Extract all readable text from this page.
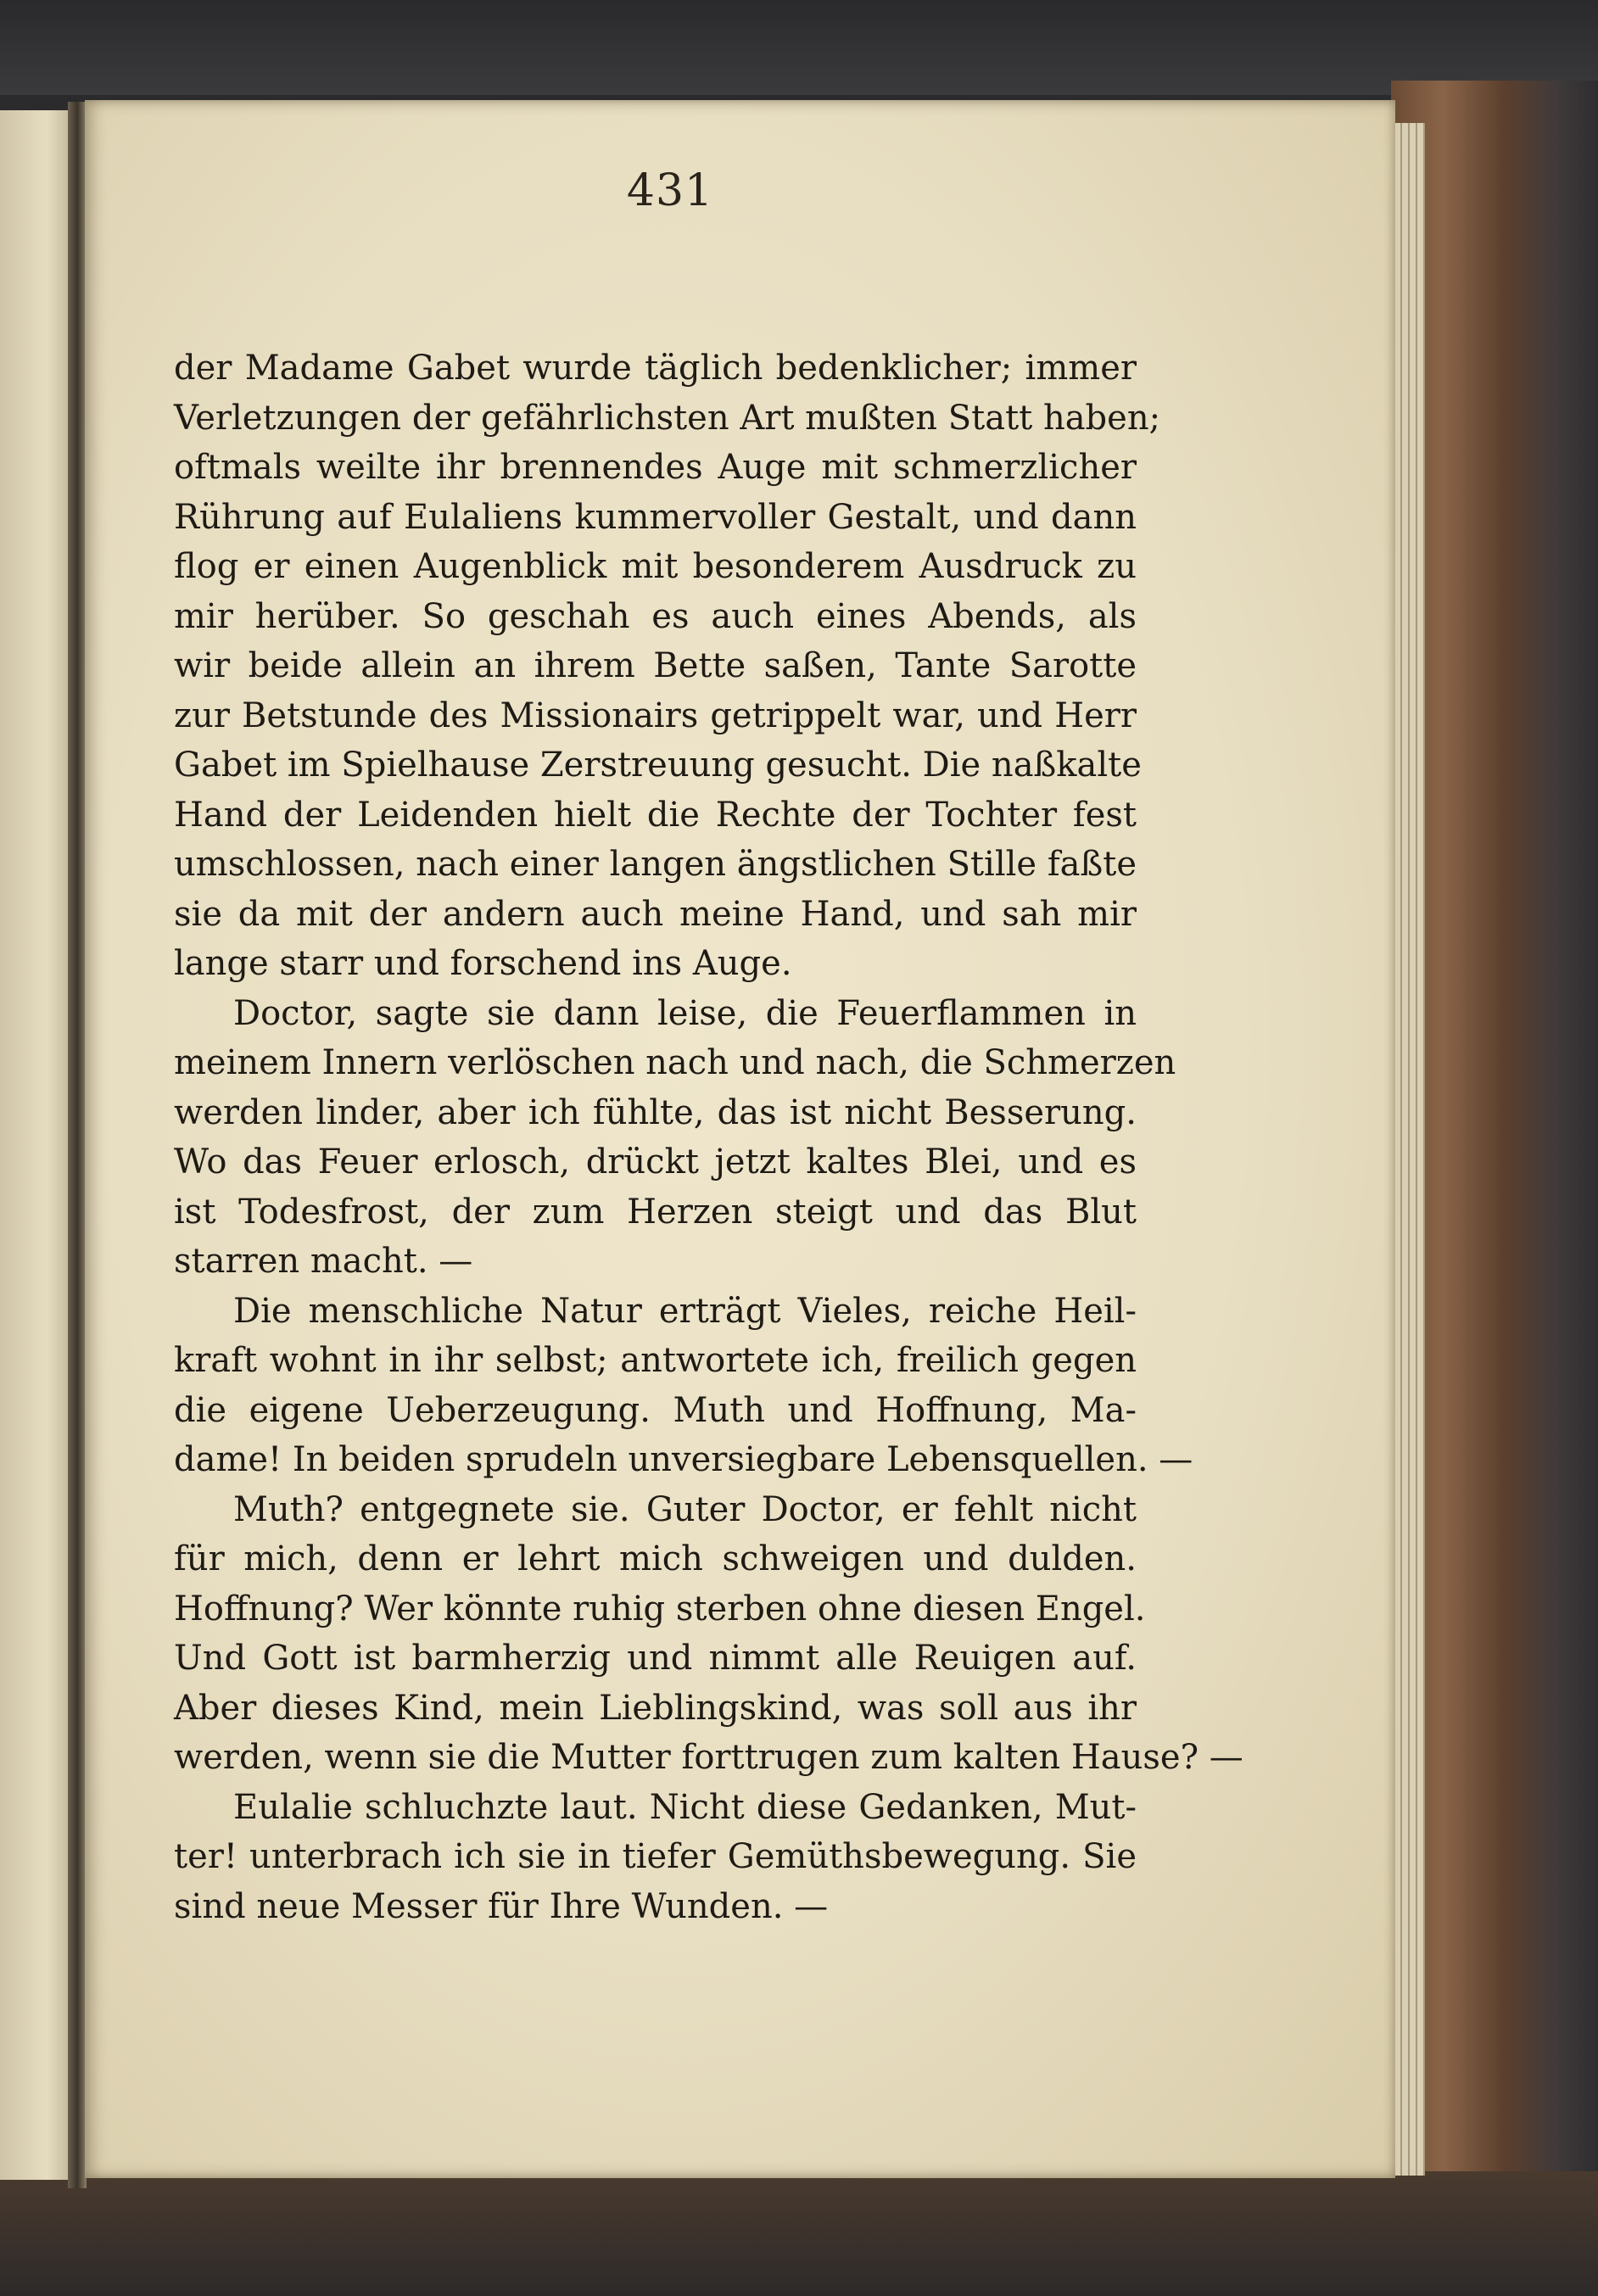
431
der Madame Gabet wurde täglich bedenklicher; immer
Verletzungen der gefährlichsten Art mußten Statt haben;
oftmals weilte ihr brennendes Auge mit schmerzlicher
Rührung auf Eulaliens kummervoller Gestalt, und dann
flog er einen Augenblick mit besonderem Ausdruck zu
mir herüber. So geschah es auch eines Abends, als
wir beide allein an ihrem Bette saßen, Tante Sarotte
zur Betstunde des Missionairs getrippelt war, und Herr
Gabet im Spielhause Zerstreuung gesucht. Die naßkalte
Hand der Leidenden hielt die Rechte der Tochter fest
umschlossen, nach einer langen ängstlichen Stille faßte
sie da mit der andern auch meine Hand, und sah mir
lange starr und forschend ins Auge.
Doctor, sagte sie dann leise, die Feuerflammen in
meinem Innern verlöschen nach und nach, die Schmerzen
werden linder, aber ich fühlte, das ist nicht Besserung.
Wo das Feuer erlosch, drückt jetzt kaltes Blei, und es
ist Todesfrost, der zum Herzen steigt und das Blut
starren macht. —
Die menschliche Natur erträgt Vieles, reiche Heil-
kraft wohnt in ihr selbst; antwortete ich, freilich gegen
die eigene Ueberzeugung. Muth und Hoffnung, Ma-
dame! In beiden sprudeln unversiegbare Lebensquellen. —
Muth? entgegnete sie. Guter Doctor, er fehlt nicht
für mich, denn er lehrt mich schweigen und dulden.
Hoffnung? Wer könnte ruhig sterben ohne diesen Engel.
Und Gott ist barmherzig und nimmt alle Reuigen auf.
Aber dieses Kind, mein Lieblingskind, was soll aus ihr
werden, wenn sie die Mutter forttrugen zum kalten Hause? —
Eulalie schluchzte laut. Nicht diese Gedanken, Mut-
ter! unterbrach ich sie in tiefer Gemüthsbewegung. Sie
sind neue Messer für Ihre Wunden. —
